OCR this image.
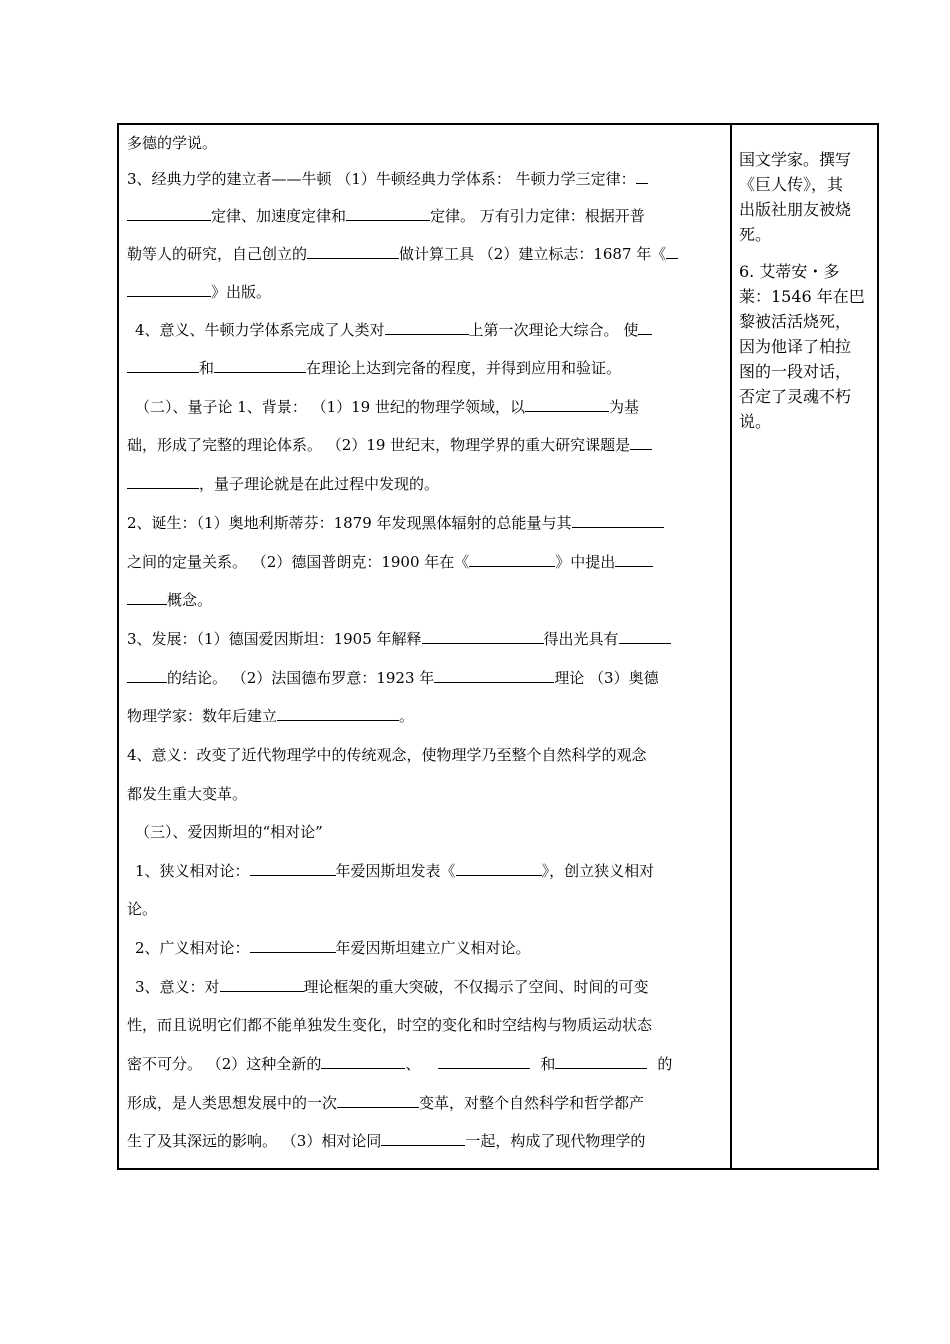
多德的学说。
3、经典力学的建立者——牛顿 （1）牛顿经典力学体系： 牛顿力学三定律：
定律、加速度定律和	定律。 万有引力定律：根据开普
勒等人的研究，自己创立的	做计算工具 （2）建立标志：1687 年《
》出版。
4、意义、牛顿力学体系完成了人类对	上第一次理论大综合。 使
和	在理论上达到完备的程度，并得到应用和验证。
（二）、量子论 1、背景： （1）19 世纪的物理学领域，以	为基
础，形成了完整的理论体系。 （2）19 世纪末，物理学界的重大研究课题是
，量子理论就是在此过程中发现的。
2、诞生：（1）奥地利斯蒂芬：1879 年发现黑体辐射的总能量与其
之间的定量关系。 （2）德国普朗克：1900 年在《	》中提出
概念。
3、发展：（1）德国爱因斯坦：1905 年解释	得出光具有
的结论。 （2）法国德布罗意：1923 年	理论 （3）奥德
物理学家：数年后建立	。
4、意义：改变了近代物理学中的传统观念，使物理学乃至整个自然科学的观念
都发生重大变革。
（三）、爱因斯坦的“相对论”
1、狭义相对论：	年爱因斯坦发表《	》，创立狭义相对
论。
2、广义相对论：	年爱因斯坦建立广义相对论。
3、意义：对	理论框架的重大突破，不仅揭示了空间、时间的可变
性，而且说明它们都不能单独发生变化，时空的变化和时空结构与物质运动状态
密不可分。 （2）这种全新的	、	和	的
形成，是人类思想发展中的一次	变革，对整个自然科学和哲学都产
生了及其深远的影响。 （3）相对论同	一起，构成了现代物理学的
国文学家。撰写
《巨人传》，其
出版社朋友被烧
死。
6. 艾蒂安・多
莱：1546 年在巴
黎被活活烧死，
因为他译了柏拉
图的一段对话，
否定了灵魂不朽
说。
